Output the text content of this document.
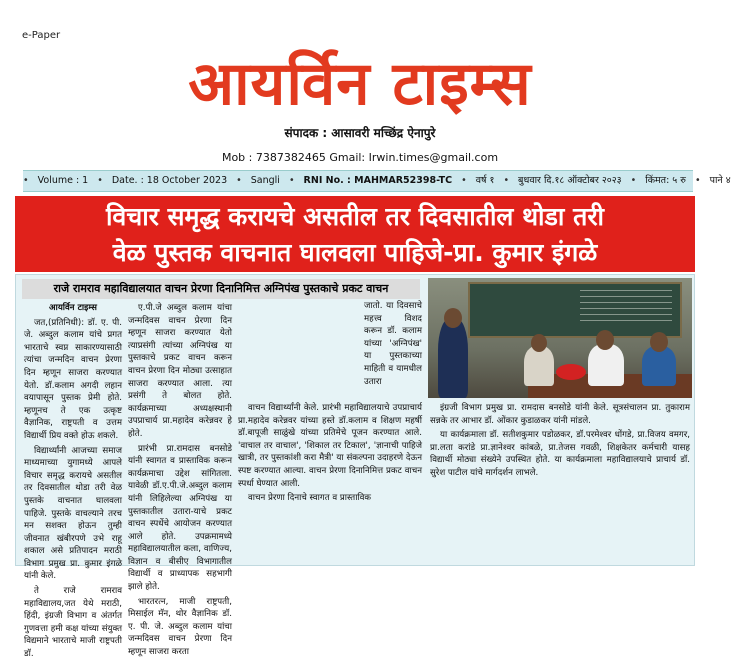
e-Paper
आयर्विन टाइम्स
संपादक : आसावरी मच्छिंद्र ऐनापुरे
Mob : 7387382465 Gmail: Irwin.times@gmail.com
• Volume : 1 • Date. : 18 October 2023 • Sangli • RNI No. : MAHMAR52398-TC • वर्ष १ • बुधवार दि.१८ ऑक्टोबर २०२३ • किंमत: ५ रु • पाने ४
विचार समृद्ध करायचे असतील तर दिवसातील थोडा तरी
वेळ पुस्तक वाचनात घालवला पाहिजे-प्रा. कुमार इंगळे
राजे रामराव महाविद्यालयात वाचन प्रेरणा दिनानिमित्त अग्निपंख पुस्तकाचे प्रकट वाचन

आयर्विन टाइम्स

जत,(प्रतिनिधी): डॉ. ए. पी. जे. अब्दुल कलाम यांचे प्रगत भारताचे स्वप्न साकारण्यासाठी त्यांचा जन्मदिन वाचन प्रेरणा दिन म्हणून साजरा करण्यात येतो. डॉ.कलाम अगदी लहान वयापासून पुस्तक प्रेमी होते. म्हणूनच ते एक उत्कृष्ट वैज्ञानिक, राष्ट्रपती व उत्तम विद्यार्थी प्रिय वक्ते होऊ शकले.

विद्यार्थ्यांनी आजच्या समाज माध्यमाच्या युगामध्ये आपले विचार समृद्ध करायचे असतील तर दिवसातील थोडा तरी वेळ पुस्तके वाचनात घालवला पाहिजे. पुस्तके वाचल्याने तरच मन सशक्त होऊन तुम्ही जीवनात खंबीरपणे उभे राहू शकाल असे प्रतिपादन मराठी विभाग प्रमुख प्रा. कुमार इंगळे यांनी केले.

ते राजे रामराव महाविद्यालय,जत येथे मराठी, हिंदी, इंग्रजी विभाग व अंतर्गत गुणवत्ता हमी कक्ष यांच्या संयुक्त विद्यमाने भारताचे माजी राष्ट्रपती डॉ.

ए.पी.जे अब्दुल कलाम यांचा जन्मदिवस वाचन प्रेरणा दिन म्हणून साजरा करण्यात येतो त्याप्रसंगी त्यांच्या अग्निपंख या पुस्तकाचे प्रकट वाचन करून वाचन प्रेरणा दिन मोठ्या उत्साहात साजरा करण्यात आला. त्या प्रसंगी ते बोलत होते. कार्यक्रमाच्या अध्यक्षस्थानी उपप्राचार्य प्रा.महादेव करेन्नवर हे होते.

प्रारंभी प्रा.रामदास बनसोडे यांनी स्वागत व प्रास्ताविक करून कार्यक्रमाचा उद्देश सांगितला. यावेळी डॉ.ए.पी.जे.अब्दुल कलाम यांनी लिहिलेल्या अग्निपंख या पुस्तकातील उतारा-याचे प्रकट वाचन स्पर्धेचे आयोजन करण्यात आले होते. उपक्रमामध्ये महाविद्यालयातील कला, वाणिज्य, विज्ञान व बीसीए विभागातील विद्यार्थी व प्राध्यापक सहभागी झाले होते.

भारतरत्न, माजी राष्ट्रपती, मिसाईल मॅन, थोर वैज्ञानिक डॉ. ए. पी. जे. अब्दुल कलाम यांचा जन्मदिवस वाचन प्रेरणा दिन म्हणून साजरा करता

जातो. या दिवसाचे महत्त्व विशद करून डॉ. कलाम यांच्या 'अग्निपंख' या पुस्तकाच्या माहिती व यामधील उतारा

वाचन विद्यार्थ्यांनी केले. प्रारंभी महाविद्यालयाचे उपप्राचार्य प्रा.महादेव करेन्नवर यांच्या हस्ते डॉ.कलाम व शिक्षण महर्षी डॉ.बापूजी साळुंखे यांच्या प्रतिमेचे पूजन करण्यात आले. 'वाचाल तर वाचाल', 'शिकाल तर टिकाल', 'ज्ञानाची पाहिजे खात्री, तर पुस्तकांशी करा मैत्री' या संकल्पना उदाहरणे देऊन स्पष्ट करण्यात आल्या. वाचन प्रेरणा दिनानिमित्त प्रकट वाचन स्पर्धा घेण्यात आली.

वाचन प्रेरणा दिनाचे स्वागत व प्रास्ताविक

इंग्रजी विभाग प्रमुख प्रा. रामदास बनसोडे यांनी केले. सूत्रसंचालन प्रा. तुकाराम सन्नके तर आभार डॉ. ओंकार कुडाळकर यांनी मांडले.

या कार्यक्रमाला डॉ. सतीशकुमार पडोळकर, डॉ.परमेश्वर धोंगडे, प्रा.विजय वमगर, प्रा.लता करांडे प्रा.ज्ञानेश्वर कांबळे, प्रा.तेजस गवळी, शिक्षकेतर कर्मचारी यासह विद्यार्थी मोठ्या संख्येने उपस्थित होते. या कार्यक्रमाला महाविद्यालयाचे प्राचार्य डॉ. सुरेश पाटील यांचे मार्गदर्शन लाभले.
